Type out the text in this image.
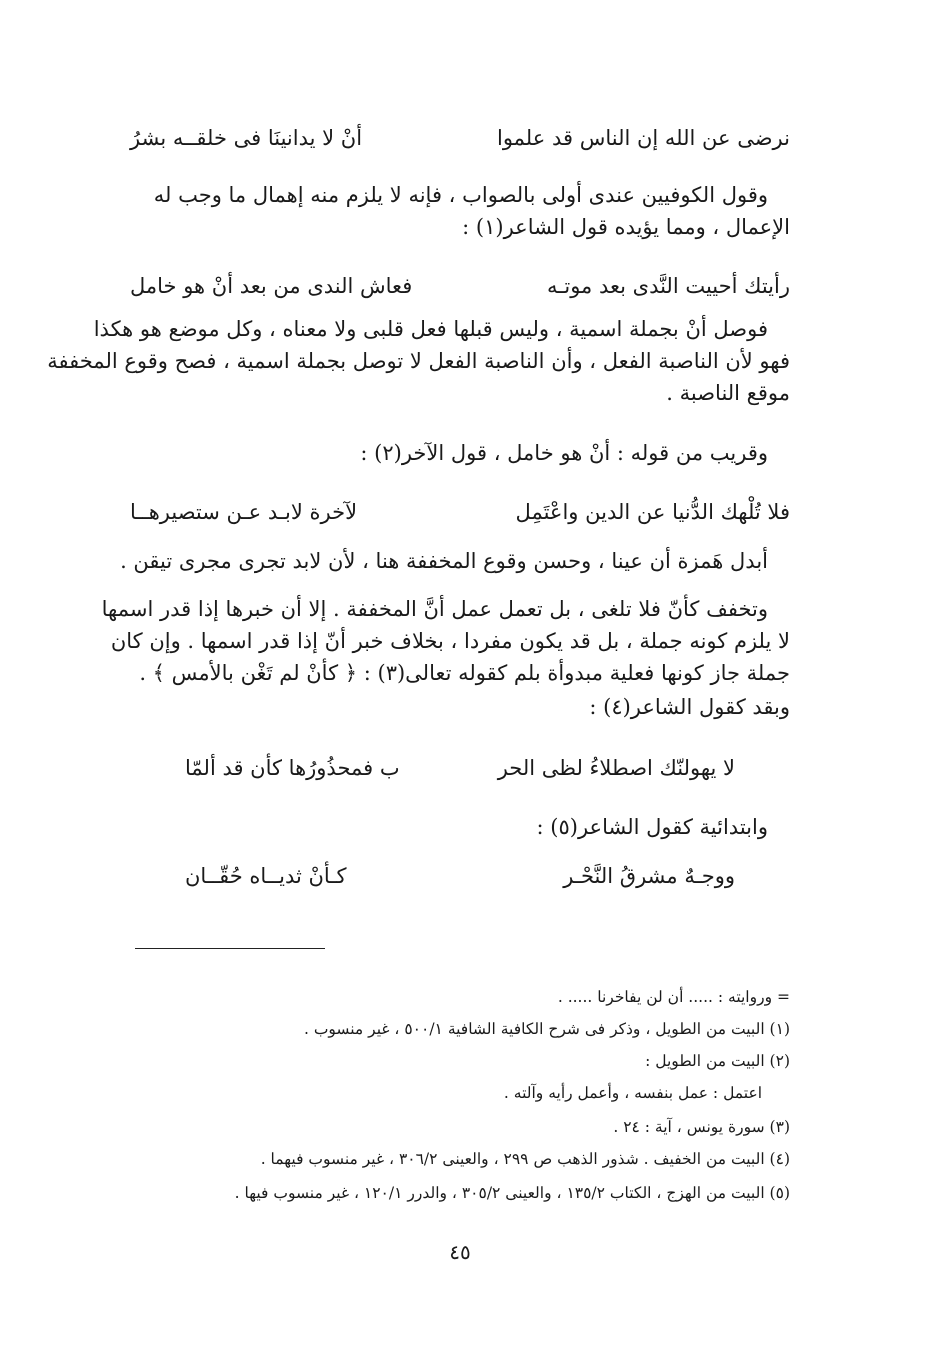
نرضى عن الله إن الناس قد علموا
أنْ لا يدانينَا فى خلقــه بشرُ
وقول الكوفيين عندى أولى بالصواب ، فإنه لا يلزم منه إهمال ما وجب له
الإعمال ، ومما يؤيده قول الشاعر(١) :
رأيتك أحييت النَّدى بعد موتـه
فعاش الندى من بعد أنْ هو خامل
فوصل أنْ بجملة اسمية ، وليس قبلها فعل قلبى ولا معناه ، وكل موضع هو هكذا
فهو لأن الناصبة الفعل ، وأن الناصبة الفعل لا توصل بجملة اسمية ، فصح وقوع المخففة
موقع الناصبة .
وقريب من قوله : أنْ هو خامل ، قول الآخر(٢) :
فلا تُلْهك الدُّنيا عن الدين واعْتَمِل
لآخرة لابـد عـن ستصيرهــا
أبدل هَمزة أن عينا ، وحسن وقوع المخففة هنا ، لأن لابد تجرى مجرى تيقن .
وتخفف كأنّ فلا تلغى ، بل تعمل عمل أنَّ المخففة . إلا أن خبرها إذا قدر اسمها
لا يلزم كونه جملة ، بل قد يكون مفردا ، بخلاف خبر أنّ إذا قدر اسمها . وإن كان
جملة جاز كونها فعلية مبدوأة بلم كقوله تعالى(٣) : ﴿ كأنْ لم تَغْن بالأمس ﴾ .
وبقد كقول الشاعر(٤) :
لا يهولنّك اصطلاءُ لظى الحر
ب فمحذُورُها كأن قد ألمّا
وابتدائية كقول الشاعر(٥) :
ووجـهٌ مشرقُ النَّحْـر
كـأنْ ثديــاه حُقّــان
= وروايته : ..... أن لن يفاخرنا ..... .
(١) البيت من الطويل ، وذكر فى شرح الكافية الشافية ٥٠٠/١ ، غير منسوب .
(٢) البيت من الطويل :
اعتمل : عمل بنفسه ، وأعمل رأيه وآلته .
(٣) سورة يونس ، آية : ٢٤ .
(٤) البيت من الخفيف . شذور الذهب ص ٢٩٩ ، والعينى ٣٠٦/٢ ، غير منسوب فيهما .
(٥) البيت من الهزج ، الكتاب ١٣٥/٢ ، والعينى ٣٠٥/٢ ، والدرر ١٢٠/١ ، غير منسوب فيها .
٤٥
